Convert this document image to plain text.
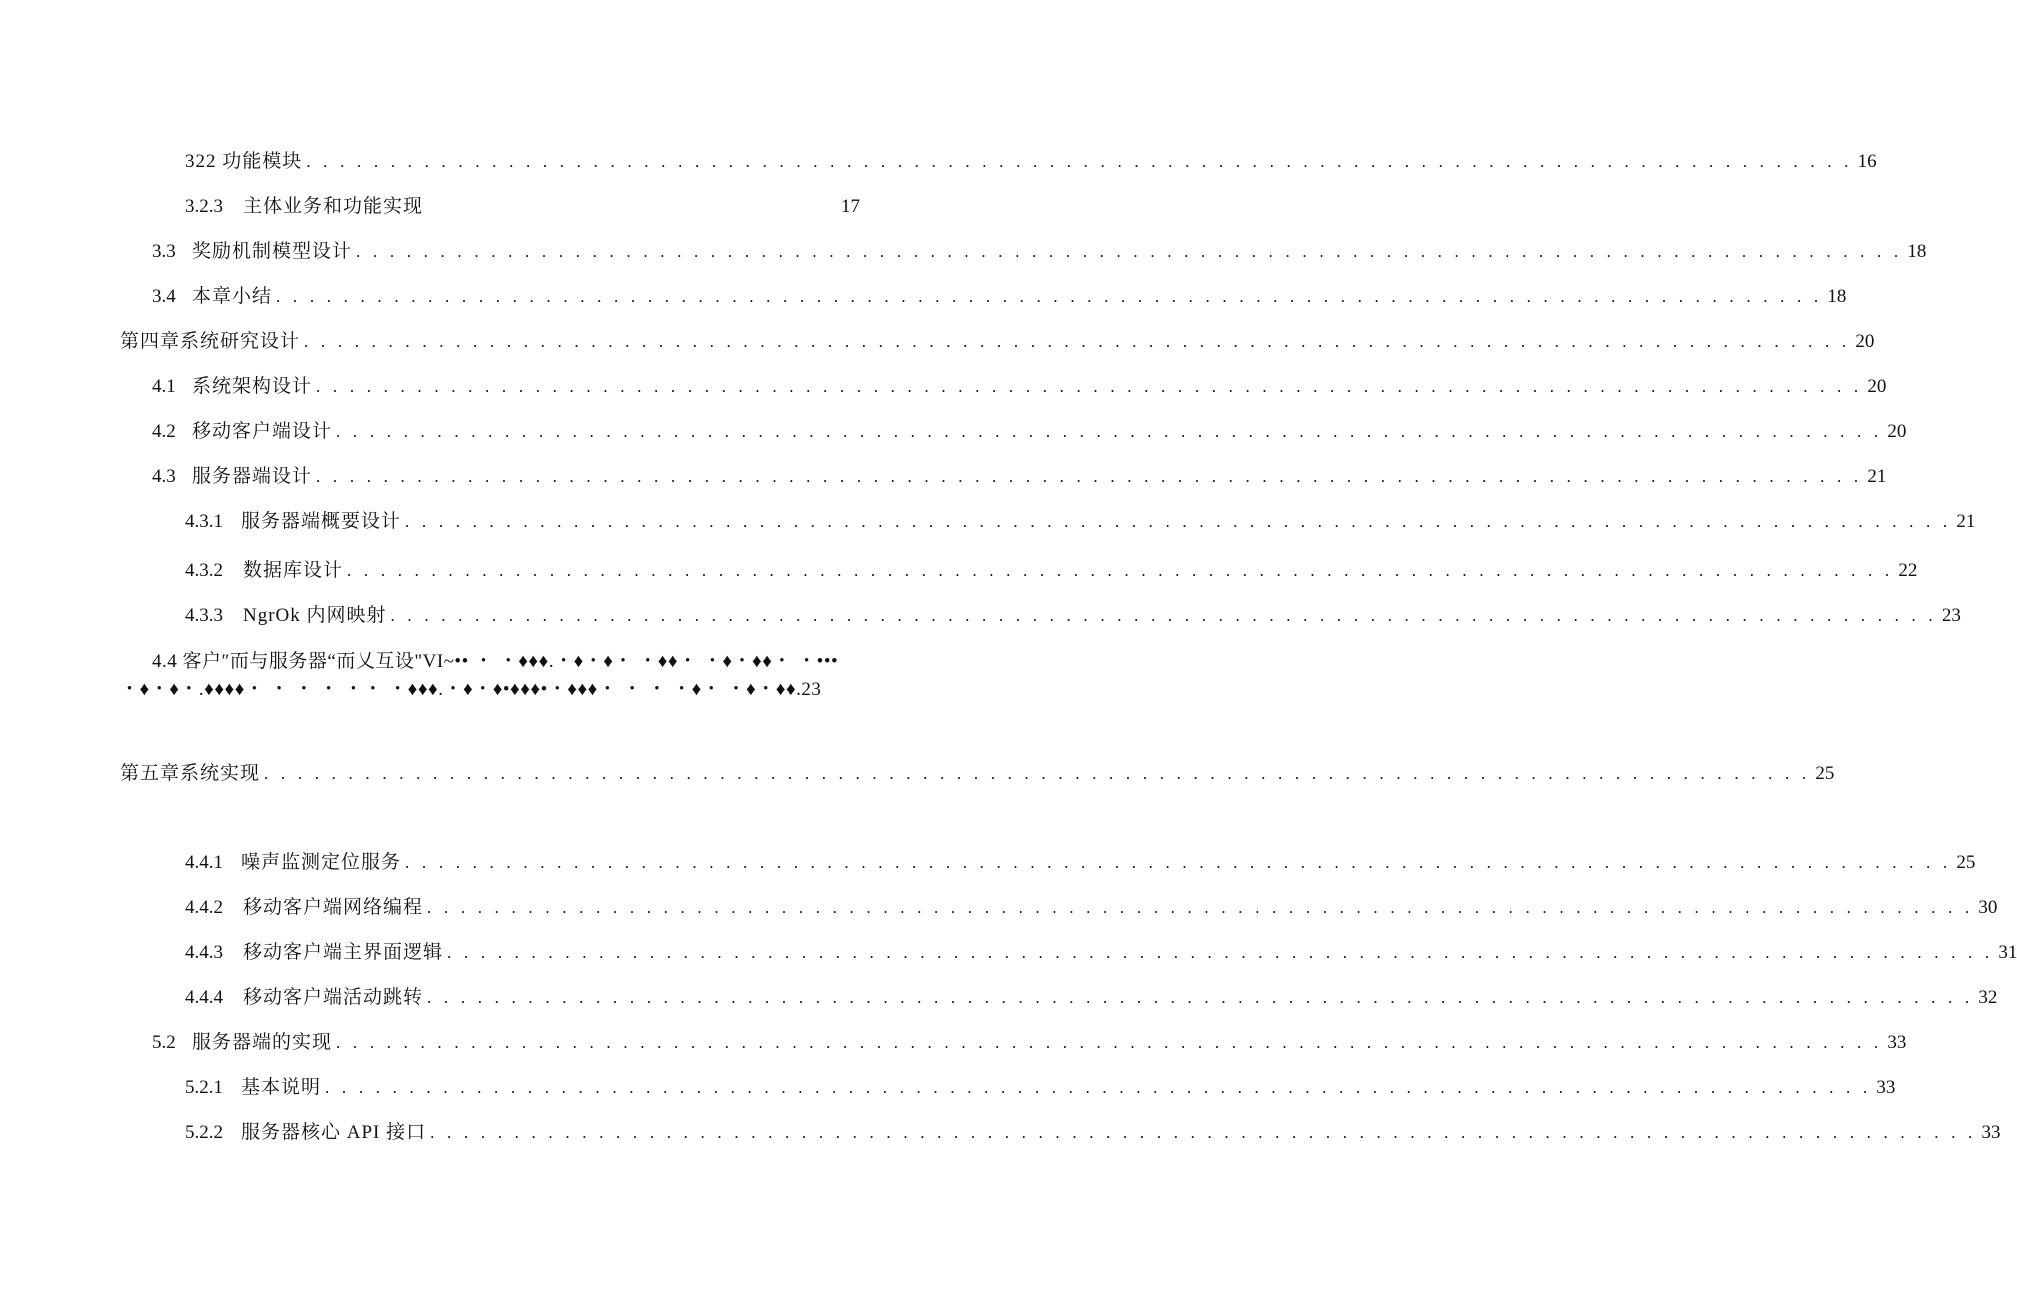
322 功能模块 . . . . . . . . . . . . . . . . . . . . . . . . . . . . . . . . . . . . . . . . . . . . . . . . . . . . . . . . . . . . . . . . . . . . . . . . . . . . . . . . . . . . . . . . . . . . 16
3.2.3	主体业务和功能实现	17
3.3 奖励机制模型设计 . . . . . . . . . . . . . . . . . . . . . . . . . . . . . . . . . . . . . . . . . . . . . . . . . . . . . . . . . . . . . . . . . . . . . . . . . . . . . . . . . . . . . . . . . . . . 18
3.4 本章小结 . . . . . . . . . . . . . . . . . . . . . . . . . . . . . . . . . . . . . . . . . . . . . . . . . . . . . . . . . . . . . . . . . . . . . . . . . . . . . . . . . . . . . . . . . . . . 18
第四章系统研究设计 . . . . . . . . . . . . . . . . . . . . . . . . . . . . . . . . . . . . . . . . . . . . . . . . . . . . . . . . . . . . . . . . . . . . . . . . . . . . . . . . . . . . . . . . . . . . 20
4.1 系统架构设计 . . . . . . . . . . . . . . . . . . . . . . . . . . . . . . . . . . . . . . . . . . . . . . . . . . . . . . . . . . . . . . . . . . . . . . . . . . . . . . . . . . . . . . . . . . . . 20
4.2 移动客户端设计 . . . . . . . . . . . . . . . . . . . . . . . . . . . . . . . . . . . . . . . . . . . . . . . . . . . . . . . . . . . . . . . . . . . . . . . . . . . . . . . . . . . . . . . . . . . . 20
4.3 服务器端设计 . . . . . . . . . . . . . . . . . . . . . . . . . . . . . . . . . . . . . . . . . . . . . . . . . . . . . . . . . . . . . . . . . . . . . . . . . . . . . . . . . . . . . . . . . . . . 21
4.3.1 服务器端概要设计 . . . . . . . . . . . . . . . . . . . . . . . . . . . . . . . . . . . . . . . . . . . . . . . . . . . . . . . . . . . . . . . . . . . . . . . . . . . . . . . . . . . . . . . . . . . . 21
4.3.2	数据库设计 . . . . . . . . . . . . . . . . . . . . . . . . . . . . . . . . . . . . . . . . . . . . . . . . . . . . . . . . . . . . . . . . . . . . . . . . . . . . . . . . . . . . . . . . . . . . 22
4.3.3	NgrOk 内网映射 . . . . . . . . . . . . . . . . . . . . . . . . . . . . . . . . . . . . . . . . . . . . . . . . . . . . . . . . . . . . . . . . . . . . . . . . . . . . . . . . . . . . . . . . . . . . 23
4.4 客户″而与服务器“而乂互设"VI~•• ・ ・♦♦♦.・♦・♦・ ・♦♦・ ・♦・♦♦・ ・•••
・♦・♦・.♦♦♦♦・ ・ ・ ・ ・・ ・♦♦♦.・♦・♦•♦♦♦•・♦♦♦・ ・ ・ ・♦・ ・♦・♦♦.23
第五章系统实现 . . . . . . . . . . . . . . . . . . . . . . . . . . . . . . . . . . . . . . . . . . . . . . . . . . . . . . . . . . . . . . . . . . . . . . . . . . . . . . . . . . . . . . . . . . . . 25
4.4.1 噪声监测定位服务 . . . . . . . . . . . . . . . . . . . . . . . . . . . . . . . . . . . . . . . . . . . . . . . . . . . . . . . . . . . . . . . . . . . . . . . . . . . . . . . . . . . . . . . . . . . . 25
4.4.2	移动客户端网络编程 . . . . . . . . . . . . . . . . . . . . . . . . . . . . . . . . . . . . . . . . . . . . . . . . . . . . . . . . . . . . . . . . . . . . . . . . . . . . . . . . . . . . . . . . . . . . 30
4.4.3	移动客户端主界面逻辑 . . . . . . . . . . . . . . . . . . . . . . . . . . . . . . . . . . . . . . . . . . . . . . . . . . . . . . . . . . . . . . . . . . . . . . . . . . . . . . . . . . . . . . . . . . . . 31
4.4.4	移动客户端活动跳转 . . . . . . . . . . . . . . . . . . . . . . . . . . . . . . . . . . . . . . . . . . . . . . . . . . . . . . . . . . . . . . . . . . . . . . . . . . . . . . . . . . . . . . . . . . . . 32
5.2 服务器端的实现 . . . . . . . . . . . . . . . . . . . . . . . . . . . . . . . . . . . . . . . . . . . . . . . . . . . . . . . . . . . . . . . . . . . . . . . . . . . . . . . . . . . . . . . . . . . . 33
5.2.1 基本说明 . . . . . . . . . . . . . . . . . . . . . . . . . . . . . . . . . . . . . . . . . . . . . . . . . . . . . . . . . . . . . . . . . . . . . . . . . . . . . . . . . . . . . . . . . . . . 33
5.2.2 服务器核心 API 接口 . . . . . . . . . . . . . . . . . . . . . . . . . . . . . . . . . . . . . . . . . . . . . . . . . . . . . . . . . . . . . . . . . . . . . . . . . . . . . . . . . . . . . . . . . . . . 33
